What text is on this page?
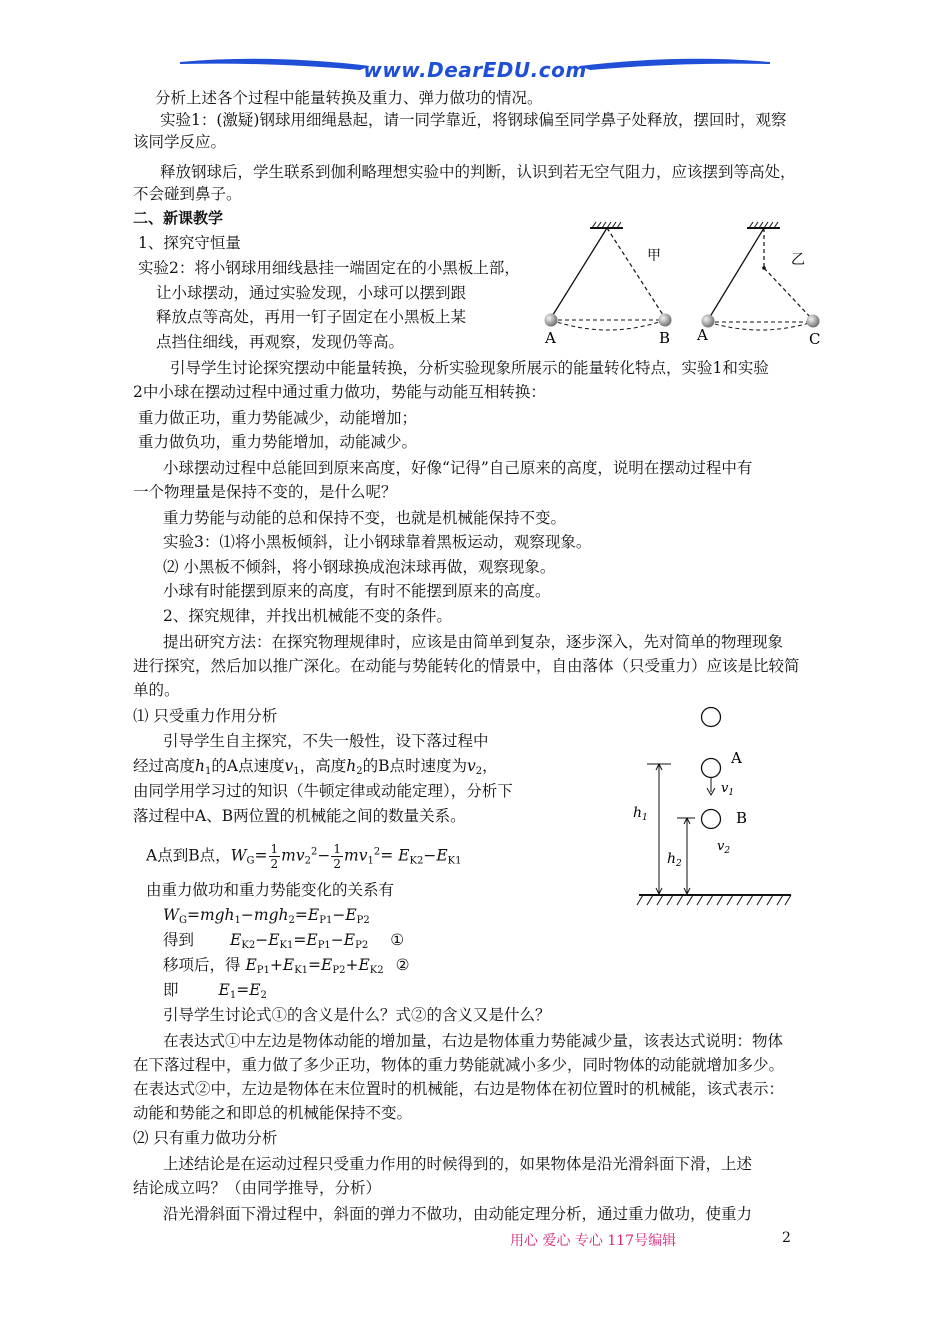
www.DearEDU.com
分析上述各个过程中能量转换及重力、弹力做功的情况。
实验1：(激疑)钢球用细绳悬起，请一同学靠近，将钢球偏至同学鼻子处释放，摆回时，观察
该同学反应。
释放钢球后，学生联系到伽利略理想实验中的判断，认识到若无空气阻力，应该摆到等高处，
不会碰到鼻子。
二、新课教学
1、探究守恒量
实验2：将小钢球用细线悬挂一端固定在的小黑板上部，
让小球摆动，通过实验发现，小球可以摆到跟
释放点等高处，再用一钉子固定在小黑板上某
点挡住细线，再观察，发现仍等高。
引导学生讨论探究摆动中能量转换，分析实验现象所展示的能量转化特点，实验1和实验
2中小球在摆动过程中通过重力做功，势能与动能互相转换：
重力做正功，重力势能减少，动能增加；
重力做负功，重力势能增加，动能减少。
小球摆动过程中总能回到原来高度，好像“记得”自己原来的高度，说明在摆动过程中有
一个物理量是保持不变的，是什么呢？
重力势能与动能的总和保持不变，也就是机械能保持不变。
实验3：⑴将小黑板倾斜，让小钢球靠着黑板运动，观察现象。
⑵ 小黑板不倾斜，将小钢球换成泡沫球再做，观察现象。
小球有时能摆到原来的高度，有时不能摆到原来的高度。
2、探究规律，并找出机械能不变的条件。
提出研究方法：在探究物理规律时，应该是由简单到复杂，逐步深入，先对简单的物理现象
进行探究，然后加以推广深化。在动能与势能转化的情景中，自由落体（只受重力）应该是比较简
单的。
⑴ 只受重力作用分析
引导学生自主探究，不失一般性，设下落过程中
经过高度$h_1$的A点速度$v_1$，高度$h_2$的B点时速度为$v_2$，
由同学用学习过的知识（牛顿定律或动能定理），分析下
落过程中A、B两位置的机械能之间的数量关系。
A点到B点，$W_G= \frac{1}{2} mv_2^2- \frac{1}{2} mv_1^2= E_{K2}-E_{K1}$
由重力做功和重力势能变化的关系有
$W_G=mgh_1-mgh_2=E_{P1}-E_{P2}$
得到 $E_{K2}-E_{K1}=E_{P1}-E_{P2}$ ①
移项后，得 $E_{P1}+E_{K1}=E_{P2}+E_{K2}$ ②
即	$E_1=E_2$
引导学生讨论式①的含义是什么？式②的含义又是什么？
在表达式①中左边是物体动能的增加量，右边是物体重力势能减少量，该表达式说明：物体
在下落过程中，重力做了多少正功，物体的重力势能就减小多少，同时物体的动能就增加多少。
在表达式②中，左边是物体在末位置时的机械能，右边是物体在初位置时的机械能，该式表示：
动能和势能之和即总的机械能保持不变。
⑵ 只有重力做功分析
上述结论是在运动过程只受重力作用的时候得到的，如果物体是沿光滑斜面下滑，上述
结论成立吗？（由同学推导，分析）
沿光滑斜面下滑过程中，斜面的弹力不做功，由动能定理分析，通过重力做功，使重力
甲
A	B
乙
A	C
A
B
$v_1$
$v_2$
$h_1$
$h_2$
用心 爱心 专心 117号编辑	2
